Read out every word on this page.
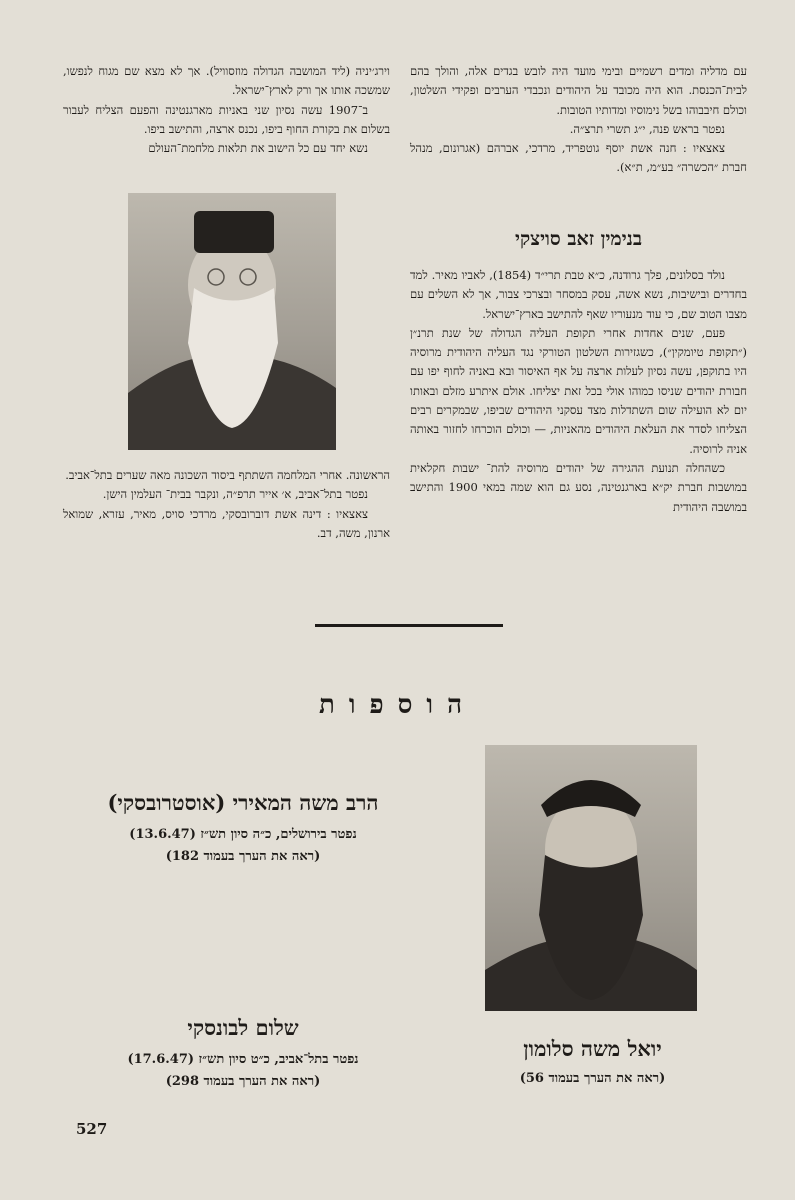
עם מדליה ומדים רשמיים ובימי מועד היה לובש בגדים אלה, והולך בהם לבית־הכנסת. הוא היה מכובד על היהודים ונכבדי הערבים ופקידי השלטון, וכולם חיבבוהו בשל נימוסיו ומדותיו הטובות.

נפטר בראש פנה, י״ג תשרי תרצ״ה.

צאצאיו : חנה אשת יוסף גוטפריד, מרדכי, אברהם (אגרונום, מנהל חברת ״הכשרה״ בע״מ, ת״א).

בנימין זאב סויצקי

נולד בסלונים, פלך גרודנה, כ״א טבת תרי״ד (1854), לאביו מאיר. למד בחדרים ובישיבות, נשא אשה, עסק במסחר ובצרכי צבור, אך לא השלים עם מצבו הטוב שם, כי עוד מנעוריו שאף להתישב בארץ־ישראל.

פעם, שנים אחדות אחרי תקופת העליה הגדולה של שנת תרנ״ן (״תקופת טיומקין״), כשגזירות השלטון הטורקי נגד העליה היהודית מרוסיה היו בתוקפן, עשה נסיון לעלות ארצה על אף האיסור ובא באניה לחוף יפו עם חבורת יהודים שניסו כמוהו אולי בכל זאת יצליחו. אולם איתרע מזלם ובאותו יום לא הועילה שום השתדלות מצד עסקני היהודים שביפו, שבמקרים רבים הצליחו לסדר את העלאת היהודים מהאניות, — וכולם הוכרחו לחזור באותה אניה לרוסיה.

כשהחלה תנועת ההגירה של יהודים מרוסיה להת־ ישבות חקלאית במושבות חברת יק״א בארגנטינה, נסע גם הוא שמה במאי 1900 והתישב במושבה היהודית

וירג׳יניה (ליד המושבה הגדולה מוזסוויל). אך לא מצא שם מגוח לנפשו, שמשכה אותו אך ורק לארץ־ישראל.

ב־1907 עשה נסיון שני באניות מארגנטינה והפעם הצליח לעבור בשלום את בקורת החוף ביפו, נכנס ארצה, והתישב ביפו.

נשא יחד עם כל הישוב את תלאות מלחמת־העולם

הראשונה. אחרי המלחמה השתתף ביסוד השכונה מאה שערים בתל־אביב.

נפטר בתל־אביב, א׳ אייר תרפ״ה, ונקבר בבית־ העלמין הישן.

צאצאיו : דינה אשת דוברובסקי, מרדכי סויס, מאיר, עזרא, שמואל ארנון, משה, דב.

הוספות
הרב משה המאירי (אוסטרובסקי)
נפטר בירושלים, כ״ה סיון תש״ז (13.6.47)
(ראה את הערך בעמוד 182)
שלום לבונסקי
נפטר בתל־אביב, כ״ט סיון תש״ז (17.6.47)
(ראה את הערך בעמוד 298)
יואל משה סלומון
(ראה את הערך בעמוד 56)
527
